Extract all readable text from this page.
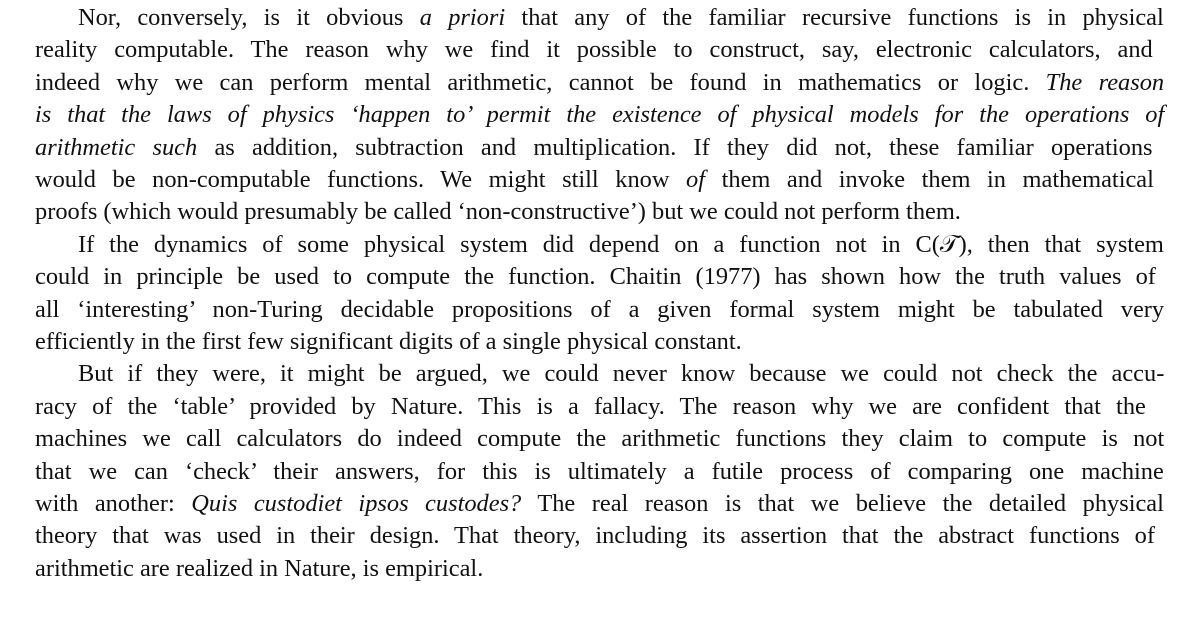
Nor, conversely, is it obvious a priori that any of the familiar recursive functions is in physical
reality computable. The reason why we find it possible to construct, say, electronic calculators, and
indeed why we can perform mental arithmetic, cannot be found in mathematics or logic. The reason
is that the laws of physics ‘happen to’ permit the existence of physical models for the operations of
arithmetic such as addition, subtraction and multiplication. If they did not, these familiar operations
would be non-computable functions. We might still know of them and invoke them in mathematical
proofs (which would presumably be called ‘non-constructive’) but we could not perform them.
If the dynamics of some physical system did depend on a function not in C(𝒯), then that system
could in principle be used to compute the function. Chaitin (1977) has shown how the truth values of
all ‘interesting’ non-Turing decidable propositions of a given formal system might be tabulated very
efficiently in the first few significant digits of a single physical constant.
But if they were, it might be argued, we could never know because we could not check the accu-
racy of the ‘table’ provided by Nature. This is a fallacy. The reason why we are confident that the
machines we call calculators do indeed compute the arithmetic functions they claim to compute is not
that we can ‘check’ their answers, for this is ultimately a futile process of comparing one machine
with another: Quis custodiet ipsos custodes? The real reason is that we believe the detailed physical
theory that was used in their design. That theory, including its assertion that the abstract functions of
arithmetic are realized in Nature, is empirical.
